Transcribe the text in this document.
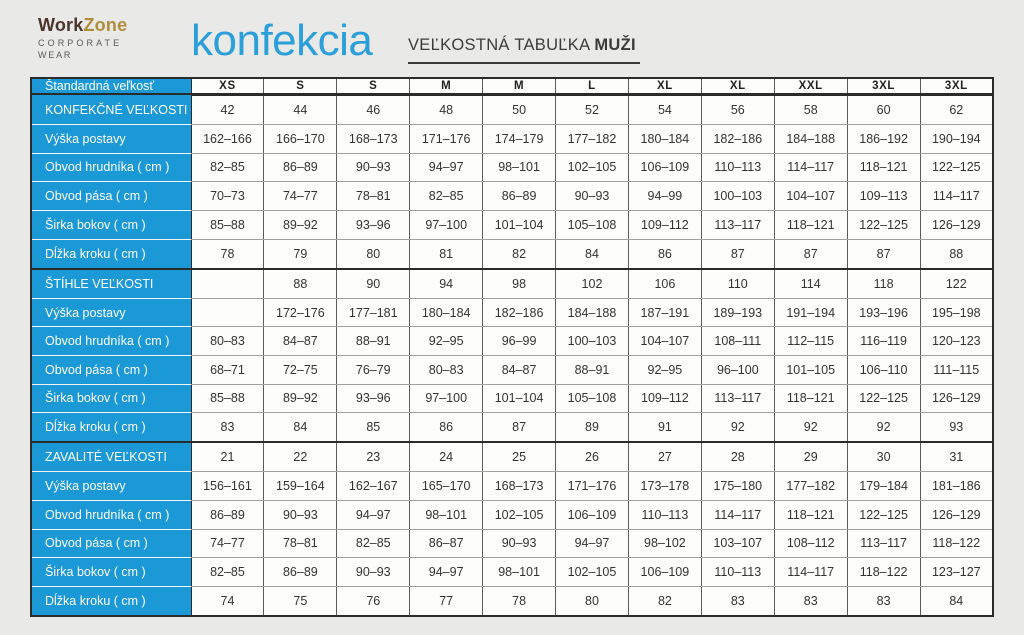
WorkZone
CORPORATE
WEAR	konfekcia VEĽKOSTNÁ TABUĽKA MUŽI
Štandardná veľkosť	XS	S	S	M	M	L	XL	XL	XXL	3XL	3XL
KONFEKČNÉ VEĽKOSTI	42	44	46	48	50	52	54	56	58	60	62
Výška postavy	162–166	166–170	168–173	171–176	174–179	177–182	180–184	182–186	184–188	186–192	190–194
Obvod hrudníka ( cm )	82–85	86–89	90–93	94–97	98–101	102–105	106–109	110–113	114–117	118–121	122–125
Obvod pása ( cm )	70–73	74–77	78–81	82–85	86–89	90–93	94–99	100–103	104–107	109–113	114–117
Širka bokov ( cm )	85–88	89–92	93–96	97–100	101–104	105–108	109–112	113–117	118–121	122–125	126–129
Dĺžka kroku ( cm )	78	79	80	81	82	84	86	87	87	87	88
ŠTÍHLE VEĽKOSTI		88	90	94	98	102	106	110	114	118	122
Výška postavy		172–176	177–181	180–184	182–186	184–188	187–191	189–193	191–194	193–196	195–198
Obvod hrudníka ( cm )	80–83	84–87	88–91	92–95	96–99	100–103	104–107	108–111	112–115	116–119	120–123
Obvod pása ( cm )	68–71	72–75	76–79	80–83	84–87	88–91	92–95	96–100	101–105	106–110	111–115
Širka bokov ( cm )	85–88	89–92	93–96	97–100	101–104	105–108	109–112	113–117	118–121	122–125	126–129
Dĺžka kroku ( cm )	83	84	85	86	87	89	91	92	92	92	93
ZAVALITÉ VEĽKOSTI	21	22	23	24	25	26	27	28	29	30	31
Výška postavy	156–161	159–164	162–167	165–170	168–173	171–176	173–178	175–180	177–182	179–184	181–186
Obvod hrudníka ( cm )	86–89	90–93	94–97	98–101	102–105	106–109	110–113	114–117	118–121	122–125	126–129
Obvod pása ( cm )	74–77	78–81	82–85	86–87	90–93	94–97	98–102	103–107	108–112	113–117	118–122
Širka bokov ( cm )	82–85	86–89	90–93	94–97	98–101	102–105	106–109	110–113	114–117	118–122	123–127
Dĺžka kroku ( cm )	74	75	76	77	78	80	82	83	83	83	84
